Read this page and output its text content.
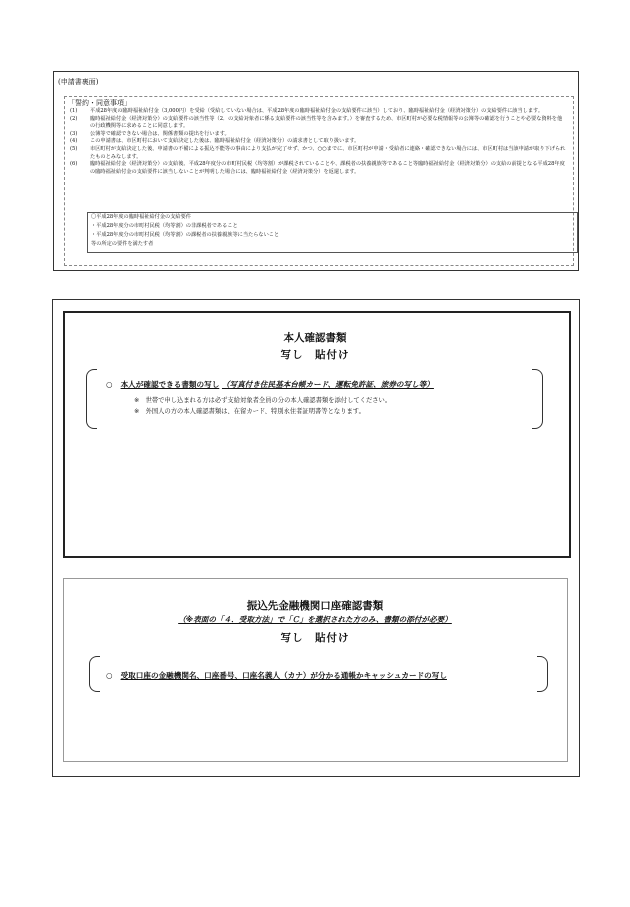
(申請書裏面)
「誓約・同意事項」
(1)	平成28年度の臨時福祉給付金（3,000円）を受給（受給していない場合は、平成28年度の臨時福祉給付金の支給要件に該当）しており、臨時福祉給付金（経済対策分）の支給要件に該当します。
(2)	臨時福祉給付金（経済対策分）の支給要件の該当性等（2．の支給対象者に係る支給要件の該当性等を含みます。）を審査するため、市区町村が必要な税情報等の公簿等の確認を行うことや必要な資料を他の行政機関等に求めることに同意します。
(3)	公簿等で確認できない場合は、関係書類の提出を行います。
(4)	この申請書は、市区町村において支給決定した後は、臨時福祉給付金（経済対策分）の請求書として取り扱います。
(5)	市区町村が支給決定した後、申請書の不備による振込不能等の事由により支払が完了せず、かつ、○○までに、市区町村が申請・受給者に連絡・確認できない場合には、市区町村は当該申請が取り下げられたものとみなします。
(6)	臨時福祉給付金（経済対策分）の支給後、平成28年度分の市町村民税（均等割）が課税されていることや、課税者の扶養親族等であること等臨時福祉給付金（経済対策分）の支給の前提となる平成28年度の臨時福祉給付金の支給要件に該当しないことが判明した場合には、臨時福祉給付金（経済対策分）を返還します。
〇平成28年度の臨時福祉給付金の支給要件
・平成28年度分の市町村民税（均等割）の非課税者であること
・平成28年度分の市町村民税（均等割）の課税者の扶養親族等に当たらないこと
等の所定の要件を満たす者
本人確認書類
写し　貼付け
○ 本人が確認できる書類の写し （写真付き住民基本台帳カード、運転免許証、旅券の写し等）
※　世帯で申し込まれる方は必ず支給対象者全員の分の本人確認書類を添付してください。
※　外国人の方の本人確認書類は、在留カード、特別永住者証明書等となります。
振込先金融機関口座確認書類
（※表面の「４．受取方法」で「Ｃ」を選択された方のみ、書類の添付が必要）
写し　貼付け
○ 受取口座の金融機関名、口座番号、口座名義人（カナ）が分かる通帳かキャッシュカードの写し
